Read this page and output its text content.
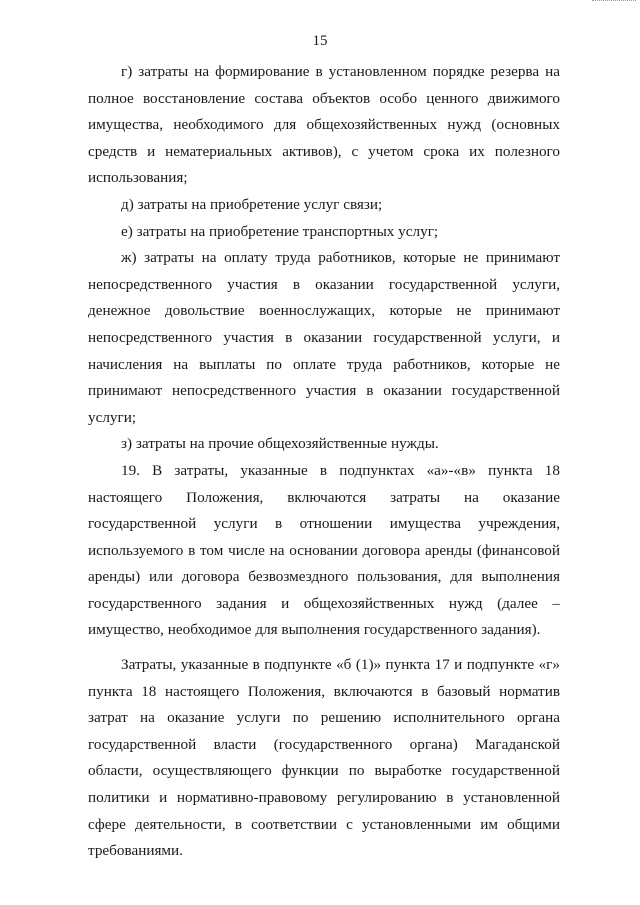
15

г) затраты на формирование в установленном порядке резерва на полное восстановление состава объектов особо ценного движимого имущества, необходимого для общехозяйственных нужд (основных средств и нематериальных активов), с учетом срока их полезного использования;

д) затраты на приобретение услуг связи;

е) затраты на приобретение транспортных услуг;

ж) затраты на оплату труда работников, которые не принимают непосредственного участия в оказании государственной услуги, денежное довольствие военнослужащих, которые не принимают непосредственного участия в оказании государственной услуги, и начисления на выплаты по оплате труда работников, которые не принимают непосредственного участия в оказании государственной услуги;

з) затраты на прочие общехозяйственные нужды.

19. В затраты, указанные в подпунктах «а»-«в» пункта 18 настоящего Положения, включаются затраты на оказание государственной услуги в отношении имущества учреждения, используемого в том числе на основании договора аренды (финансовой аренды) или договора безвозмездного пользования, для выполнения государственного задания и общехозяйственных нужд (далее – имущество, необходимое для выполнения государственного задания).

Затраты, указанные в подпункте «б (1)» пункта 17 и подпункте «г» пункта 18 настоящего Положения, включаются в базовый норматив затрат на оказание услуги по решению исполнительного органа государственной власти (государственного органа) Магаданской области, осуществляющего функции по выработке государственной политики и нормативно-правовому регулированию в установленной сфере деятельности, в соответствии с установленными им общими требованиями.
